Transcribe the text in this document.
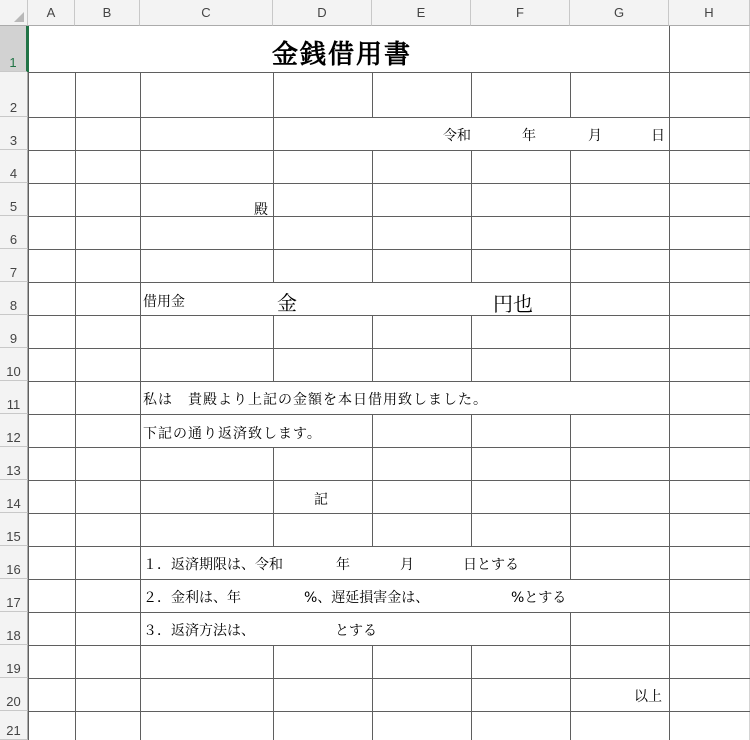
A	B	C	D	E	F	G	H
1
2
3
4
5
6
7
8
9
10
11
12
13
14
15
16
17
18
19
20
21
金銭借用書
令和	年	月	日
殿
借用金	金	円也
私は　貴殿より上記の金額を本日借用致しました。
下記の通り返済致します。
記
１．返済期限は、令和	年	月	日とする
２．金利は、年	%、遅延損害金は、	%とする
３．返済方法は、	とする
以上
